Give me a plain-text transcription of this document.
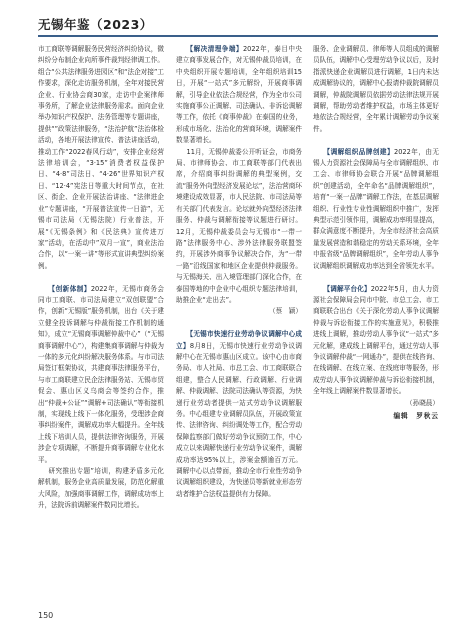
无锡年鉴（2023）

市工商联等调解服务民营经济纠纷协议，微纠纷分布制企业向所事件裁判经律调工作。组合“公共法律服务进园区”和“法企对接”工作要求，深化走访服务机制，全年对接民营企业、行业协会商30家，走访中企案律师事务所，了解企业法律服务需求。面向企业举办知识产权保护、法务管理等专题讲座，提供“”政策法律服务，“法治护航”法治体检活动，各地开展法律宣传、普法讲座活动，推动工作“2022春风行动”，安排企业经营法律培训会，“3·15”消费者权益保护日、“4·8”司法日、“4·26”世界知识产权日、“12·4”宪法日等重大时间节点，在社区、街企、企业开展法治讲座、“法律进企业”专题讲座，“开展普法宣传一日游”，无锡市司法局（无锡法院）行业普法，开展“《无锡条例》和《民法典》宣传进万家”活动，在活动中”双月一宣”，商业法治合作，以“一案一讲”等形式宣讲典型纠纷案例。

【创新体制】2022年，无锡市商务会同市工商联、市司法局建立“双创联盟”合作，创新“无锡版”服务机制，出台《关于建立健全投诉调解与仲裁衔接工作机制的通知》，成立“无锡商事调解仲裁中心”（“无锡商事调解中心”），构建集商事调解与仲裁为一体的多元化纠纷解决服务体系。与市司法局签订框架协议，共建商事法律服务平台，与市工商联建立民企法律服务站、无锡市贸促会、惠山区义乌商会等签约合作，推出“仲裁+公证”“调解+司法确认”等衔接机制，实现线上线下一体化服务，受理涉企商事纠纷案件，调解成功率大幅提升。全年线上线下培训人员，提供法律咨询服务，开展涉企专项调解，不断提升商事调解专业化水平。

研究推出专题”培训，构建矛盾多元化解机制，服务企业高质量发展，防范化解重大风险，加强商事调解工作，调解成功率上升，法院诉前调解案件数同比增长。

【解决清理争端】2022年，泰目中央建立商事发展合作，对无锡仲裁员培训，在中央组织开展专题培训，全年组织培训15日，开展“一站式”多元解纷，开展商事调解，引导企业依法合规经营，作为全市公司实施商事公正调解、司法确认、非诉讼调解等工作，依托《商事仲裁》在泰国的业务，形成市场化、法治化的营商环境，调解案件数显著增长。

11月，无锡仲裁委公开听证会，市商务局、市律师协会、市工商联等部门代表出席，介绍商事纠纷调解的典型案例，交流“服务外向型经济发展论坛”，法治营商环境建设成效显著，市人民法院、市司法局等有关部门代表发言。论坛就外向型经济法律服务、仲裁与调解衔接等议题进行研讨。12月，无锡仲裁委员会与无锡市“一带一路”法律服务中心、涉外法律服务联盟签约，开展涉外商事争议解决合作，为“一带一路”沿线国家和地区企业提供仲裁服务。与无锡海关、出入境管理部门深化合作，在泰国等地的中企业中心组织专题法律培训，助推企业“走出去”。

（蔡　颖）

【无锡市快速行业劳动争议调解中心成立】8月8日，无锡市快速行业劳动争议调解中心在无锡市惠山区成立。该中心由市商务局、市人社局、市总工会、市工商联联合组建，整合人民调解、行政调解、行业调解、仲裁调解、法院司法确认等资源，为快递行业劳动者提供一站式劳动争议调解服务。中心组建专业调解员队伍，开展政策宣传、法律咨询、纠纷调处等工作，配合劳动保障监察部门做好劳动争议预防工作，中心成立以来调解快递行业劳动争议案件，调解成功率达95%以上，涉案金额逾百万元。调解中心以点带面，推动全市行业性劳动争议调解组织建设，为快递员等新就业形态劳动者维护合法权益提供有力保障。

服务、企业调解员、律师等人员组成的调解员队伍，调解中心受理劳动争议以后，及时指派快递企业调解员进行调解，1日内未达成调解协议的，调解中心报请仲裁院调解员调解，仲裁院调解员依据劳动法律法规开展调解，帮助劳动者维护权益，市场主体更好地依法合规经营，全年累计调解劳动争议案件。

【调解组织品牌创建】2022年，由无锡人力资源社会保障局与全市调解组织、市工会、市律师协会联合开展“品牌调解组织”创建活动，全年命名“品牌调解组织”，培育“一案一品牌”调解工作法，在基层调解组织、行业性专业性调解组织中推广，发挥典型示范引领作用，调解成功率明显提高，群众满意度不断提升，为全市经济社会高质量发展营造和谐稳定的劳动关系环境，全年申报省级“品牌调解组织”，全年劳动人事争议调解组织调解成功率达到全省领先水平。

【调解平台化】2022年5月，由人力资源社会保障局会同市中院、市总工会、市工商联联合出台《关于深化劳动人事争议调解仲裁与诉讼衔接工作的实施意见》，积极推进线上调解，推动劳动人事争议“一站式”多元化解，建成线上调解平台，通过劳动人事争议调解仲裁“一网通办”，提供在线咨询、在线调解、在线立案、在线庭审等服务，形成劳动人事争议调解仲裁与诉讼衔接机制，全年线上调解案件数显著增长。

（孙晓晨）

编辑　罗秋云
150
